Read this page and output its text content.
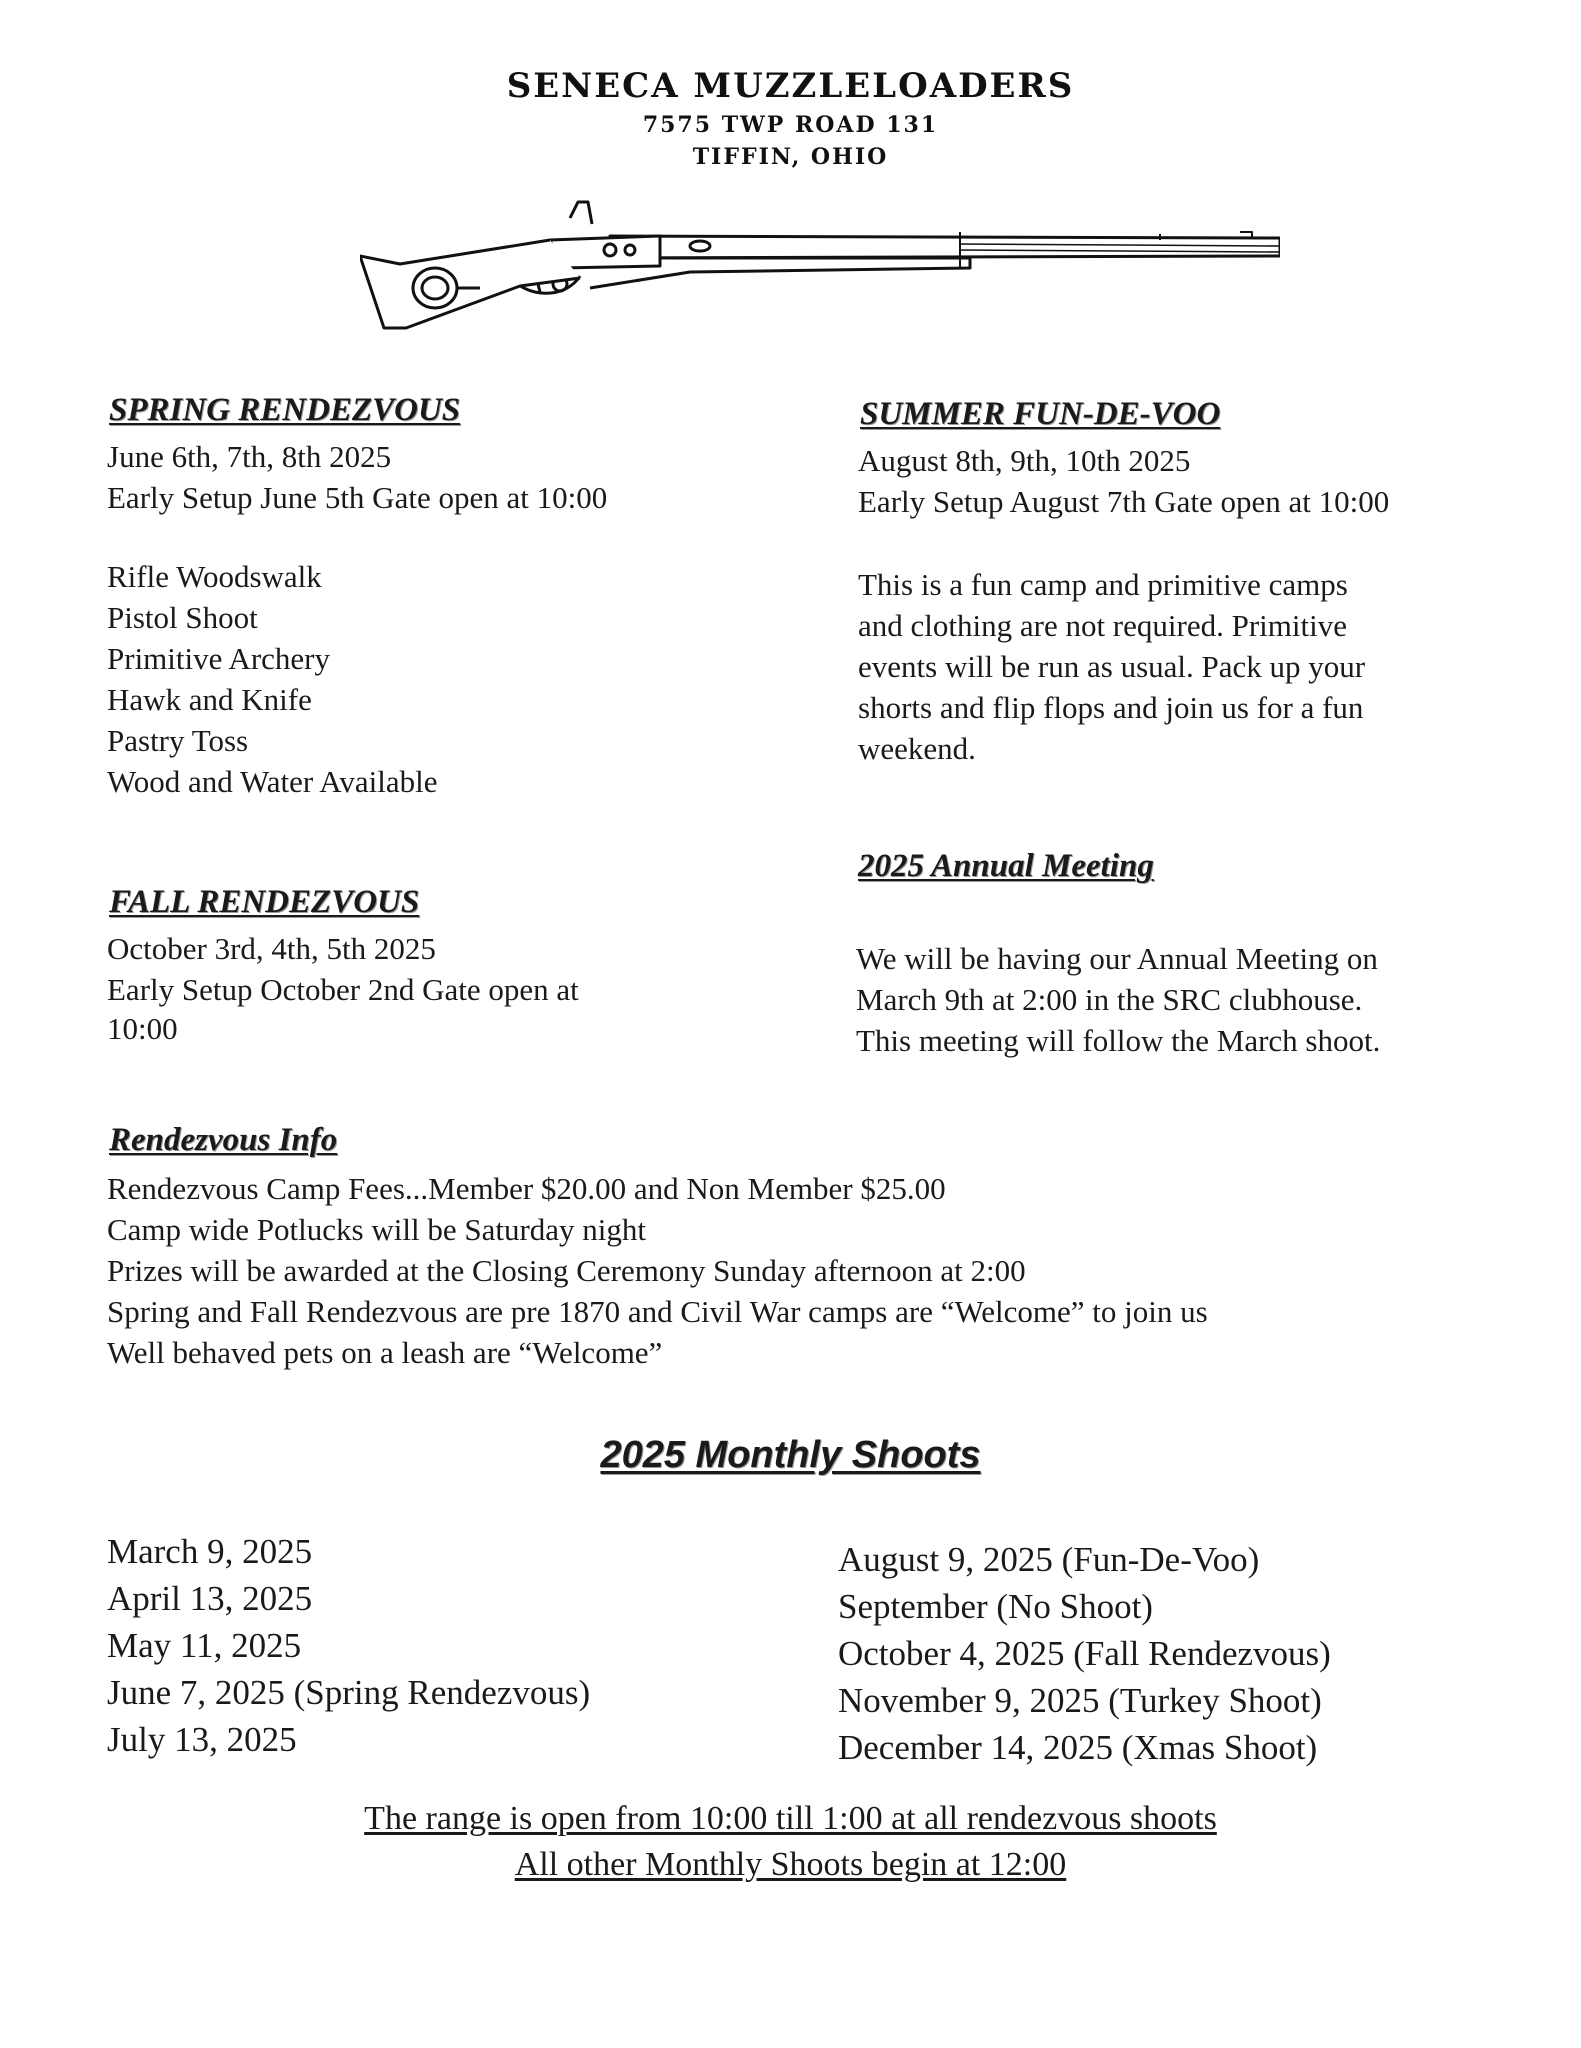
SENECA MUZZLELOADERS
7575 TWP ROAD 131
TIFFIN, OHIO
SPRING RENDEZVOUS
June 6th, 7th, 8th 2025
Early Setup June 5th Gate open at 10:00
Rifle Woodswalk
Pistol Shoot
Primitive Archery
Hawk and Knife
Pastry Toss
Wood and Water Available
SUMMER FUN-DE-VOO
August 8th, 9th, 10th 2025
Early Setup August 7th Gate open at 10:00
This is a fun camp and primitive camps
and clothing are not required. Primitive
events will be run as usual. Pack up your
shorts and flip flops and join us for a fun
weekend.
FALL RENDEZVOUS
October 3rd, 4th, 5th 2025
Early Setup October 2nd Gate open at
10:00
2025 Annual Meeting
We will be having our Annual Meeting on
March 9th at 2:00 in the SRC clubhouse.
This meeting will follow the March shoot.
Rendezvous Info
Rendezvous Camp Fees...Member $20.00 and Non Member $25.00
Camp wide Potlucks will be Saturday night
Prizes will be awarded at the Closing Ceremony Sunday afternoon at 2:00
Spring and Fall Rendezvous are pre 1870 and Civil War camps are “Welcome” to join us
Well behaved pets on a leash are “Welcome”
2025 Monthly Shoots
March 9, 2025
April 13, 2025
May 11, 2025
June 7, 2025 (Spring Rendezvous)
July 13, 2025
August 9, 2025 (Fun-De-Voo)
September (No Shoot)
October 4, 2025 (Fall Rendezvous)
November 9, 2025 (Turkey Shoot)
December 14, 2025 (Xmas Shoot)
The range is open from 10:00 till 1:00 at all rendezvous shoots
All other Monthly Shoots begin at 12:00
